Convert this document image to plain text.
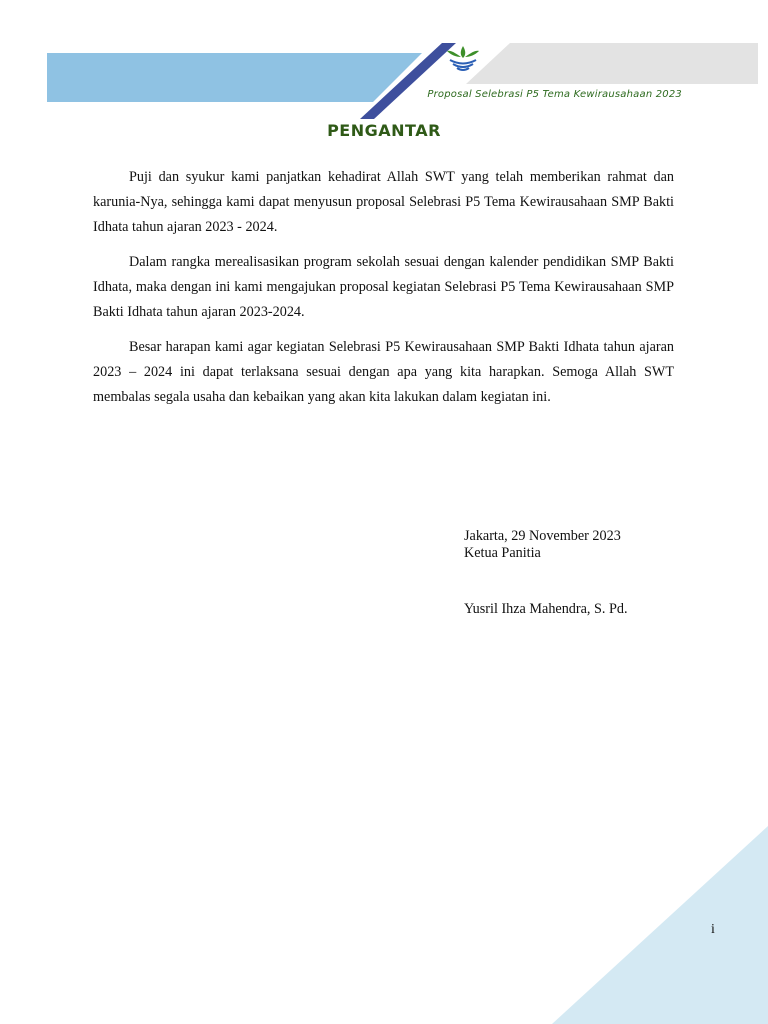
Proposal Selebrasi P5 Tema Kewirausahaan 2023
PENGANTAR

Puji dan syukur kami panjatkan kehadirat Allah SWT yang telah memberikan rahmat dan karunia-Nya, sehingga kami dapat menyusun proposal Selebrasi P5 Tema Kewirausahaan SMP Bakti Idhata tahun ajaran 2023 - 2024.

Dalam rangka merealisasikan program sekolah sesuai dengan kalender pendidikan SMP Bakti Idhata, maka dengan ini kami mengajukan proposal kegiatan Selebrasi P5 Tema Kewirausahaan SMP Bakti Idhata tahun ajaran 2023-2024.

Besar harapan kami agar kegiatan Selebrasi P5 Kewirausahaan SMP Bakti Idhata tahun ajaran 2023 – 2024 ini dapat terlaksana sesuai dengan apa yang kita harapkan. Semoga Allah SWT membalas segala usaha dan kebaikan yang akan kita lakukan dalam kegiatan ini.

Jakarta, 29 November 2023
Ketua Panitia
Yusril Ihza Mahendra, S. Pd.
i
